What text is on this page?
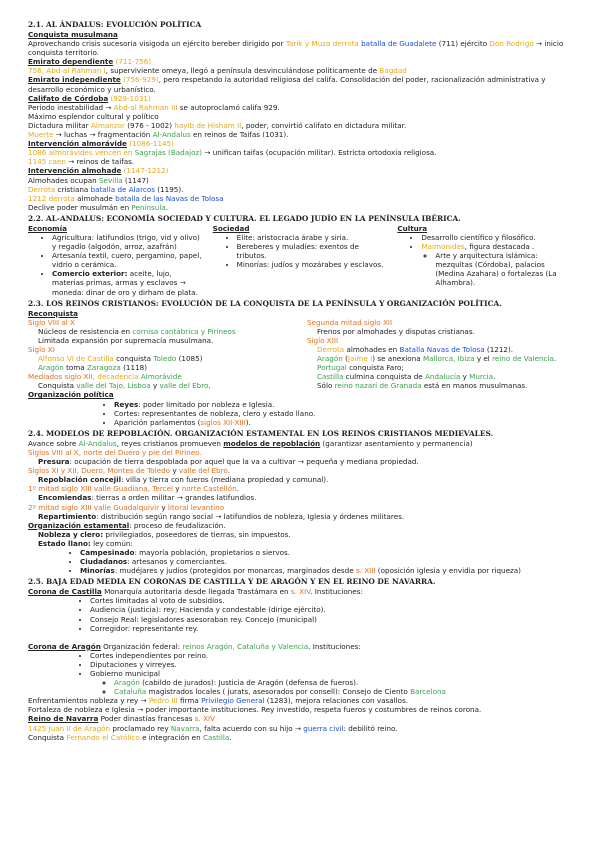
2.1. AL ÁNDALUS: EVOLUCIÓN POLÍTICA

Conquista musulmana

Aprovechando crisis sucesoria visigoda un ejército bereber dirigido por Tarik y Muza derrota batalla de Guadalete (711) ejército Don Rodrigo → inicio conquista territorio.

Emirato dependiente (711-756)

756, Abd-al Rahman I, superviviente omeya, llegó a península desvinculándose políticamente de Bagdad

Emirato independiente (756-929), pero respetando la autoridad religiosa del califa. Consolidación del poder, racionalización administrativa y desarrollo económico y urbanístico.

Califato de Córdoba (929-1031)

Periodo inestabilidad → Abd-al Rahman III se autoproclamó califa 929.

Máximo esplendor cultural y político

Dictadura militar Almanzor (976 - 1002) hayib de Hisham II, poder, convirtió califato en dictadura militar.

Muerte → luchas → fragmentación Al-Andalus en reinos de Taifas (1031).

Intervención almorávide (1086-1145)

1086 almorávides vencen en Sagrajas (Badajoz) → unifican taifas (ocupación militar). Estricta ortodoxia religiosa.

1145 caen → reinos de taifas.

Intervención almohade (1147-1212)

Almohades ocupan Sevilla (1147)

Derrota cristiana batalla de Alarcos (1195).

1212 derrota almohade batalla de las Navas de Tolosa

Declive poder musulmán en Península.

2.2. AL-ANDALUS: ECONOMÍA SOCIEDAD Y CULTURA. EL LEGADO JUDÍO EN LA PENÍNSULA IBÉRICA.

Economía

• Agricultura: latifundios (trigo, vid y olivo) y regadío (algodón, arroz, azafrán)
• Artesanía textil, cuero, pergamino, papel, vidrio o cerámica.
• Comercio exterior: aceite, lujo, materias primas, armas y esclavos → moneda: dinar de oro y dirham de plata.

Sociedad

• Élite: aristocracia árabe y siria.
• Bereberes y muladíes: exentos de tributos.
• Minorías: judíos y mozárabes y esclavos.

Cultura

• Desarrollo científico y filosófico.
• Maimónides, figura destacada .
◦ Arte y arquitectura islámica: mezquitas (Córdoba), palacios (Medina Azahara) o fortalezas (La Alhambra).
2.3. LOS REINOS CRISTIANOS: EVOLUCIÓN DE LA CONQUISTA DE LA PENÍNSULA Y ORGANIZACIÓN POLÍTICA.

Reconquista

Siglo VIII al X

Núcleos de resistencia en cornisa cantábrica y Pirineos

Limitada expansión por supremacía musulmana.

Siglo XI

Alfonso VI de Castilla conquista Toledo (1085)

Aragón toma Zaragoza (1118)

Mediados siglo XII, decadencia Almorávide

Conquista valle del Tajo, Lisboa y valle del Ebro.

Segunda mitad siglo XII

Frenos por almohades y disputas cristianas.

Siglo XIII

Derrota almohades en Batalla Navas de Tolosa (1212).

Aragón (Jaime I) se anexiona Mallorca, Ibiza y el reino de Valencia. Portugal conquista Faro;

Castilla culmina conquista de Andalucía y Murcia.

Sólo reino nazarí de Granada está en manos musulmanas.

Organización política

• Reyes: poder limitado por nobleza e Iglesia.
• Cortes: representantes de nobleza, clero y estado llano.
• Aparición parlamentos (siglos XII-XIII).
2.4. MODELOS DE REPOBLACIÓN. ORGANIZACIÓN ESTAMENTAL EN LOS REINOS CRISTIANOS MEDIEVALES.

Avance sobre Al-Andalus, reyes cristianos promueven modelos de repoblación (garantizar asentamiento y permanencia)

Siglos VIII al X, norte del Duero y pie del Pirineo.

Presura: ocupación de tierra despoblada por aquel que la va a cultivar → pequeña y mediana propiedad.

Siglos XI y XII, Duero, Montes de Toledo y valle del Ebro.

Repoblación concejil: villa y tierra con fueros (mediana propiedad y comunal).

1º mitad siglo XIII valle Guadiana, Tercel y norte Castellón.

Encomiendas: tierras a orden militar → grandes latifundios.

2º mitad siglo XIII valle Guadalquivir y litoral levantino

Repartimiento: distribución según rango social → latifundios de nobleza, Iglesia y órdenes militares.

Organización estamental: proceso de feudalización.

Nobleza y clero: privilegiados, poseedores de tierras, sin impuestos.

Estado llano: ley común:

• Campesinado: mayoría población, propietarios o siervos.
• Ciudadanos: artesanos y comerciantes.
• Minorías: mudéjares y judíos (protegidos por monarcas, marginados desde s. XIII (oposición iglesia y envidia por riqueza)
2.5. BAJA EDAD MEDIA EN CORONAS DE CASTILLA Y DE ARAGÓN Y EN EL REINO DE NAVARRA.

Corona de Castilla Monarquía autoritaria desde llegada Trastámara en s. XIV. Instituciones:

• Cortes limitadas al voto de subsidios.
• Audiencia (justicia): rey; Hacienda y condestable (dirige ejército).
• Consejo Real: legisladores asesoraban rey. Concejo (municipal)
• Corregidor: representante rey.

Corona de Aragón Organización federal: reinos Aragón, Cataluña y Valencia. Instituciones:

• Cortes independientes por reino.
• Diputaciones y virreyes.
• Gobierno municipal
◦ Aragón (cabildo de jurados): Justicia de Aragón (defensa de fueros).
◦ Cataluña magistrados locales ( jurats, asesorados por consell): Consejo de Ciento Barcelona

Enfrentamientos nobleza y rey → Pedro III firma Privilegio General (1283), mejora relaciones con vasallos.

Fortaleza de nobleza e Iglesia → poder importante instituciones. Rey investido, respeta fueros y costumbres de reinos corona.

Reino de Navarra Poder dinastías francesas s. XIV

1425 Juan II de Aragón proclamado rey Navarra, falta acuerdo con su hijo → guerra civil: debilitó reino.

Conquista Fernando el Católico e integración en Castilla.
